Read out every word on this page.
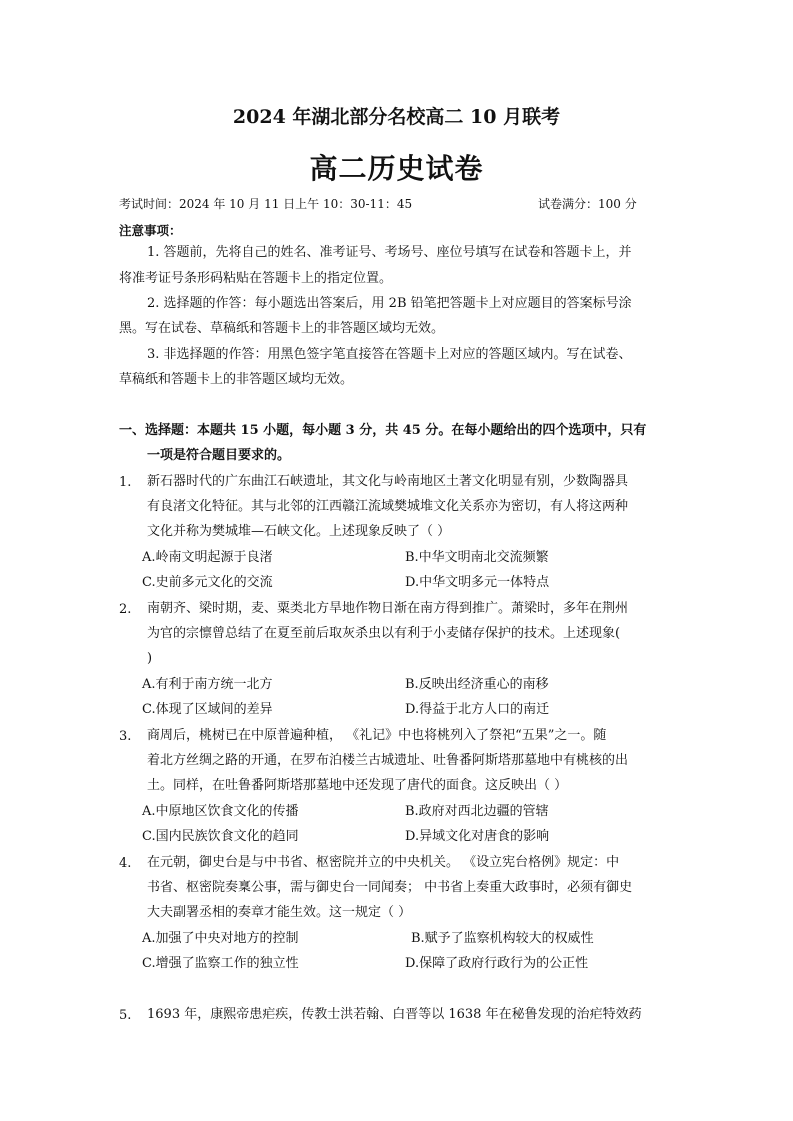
2024 年湖北部分名校高二 10 月联考
高二历史试卷
考试时间：2024 年 10 月 11 日上午 10：30-11：45	试卷满分：100 分
注意事项：
1. 答题前，先将自己的姓名、准考证号、考场号、座位号填写在试卷和答题卡上，并
将准考证号条形码粘贴在答题卡上的指定位置。
2. 选择题的作答：每小题选出答案后，用 2B 铅笔把答题卡上对应题目的答案标号涂
黑。写在试卷、草稿纸和答题卡上的非答题区域均无效。
3. 非选择题的作答：用黑色签字笔直接答在答题卡上对应的答题区域内。写在试卷、
草稿纸和答题卡上的非答题区域均无效。
一、选择题：本题共 15 小题，每小题 3 分，共 45 分。在每小题给出的四个选项中，只有
一项是符合题目要求的。
1. 新石器时代的广东曲江石峡遗址，其文化与岭南地区土著文化明显有别，少数陶器具
有良渚文化特征。其与北邻的江西赣江流域樊城堆文化关系亦为密切，有人将这两种
文化并称为樊城堆—石峡文化。上述现象反映了（ ）
A.岭南文明起源于良渚	B.中华文明南北交流频繁
C.史前多元文化的交流	D.中华文明多元一体特点
2. 南朝齐、梁时期，麦、粟类北方旱地作物日渐在南方得到推广。萧梁时，多年在荆州
为官的宗懔曾总结了在夏至前后取灰杀虫以有利于小麦储存保护的技术。上述现象(
)
A.有利于南方统一北方	B.反映出经济重心的南移
C.体现了区域间的差异	D.得益于北方人口的南迁
3. 商周后，桃树已在中原普遍种植， 《礼记》中也将桃列入了祭祀“五果”之一。随
着北方丝绸之路的开通，在罗布泊楼兰古城遗址、吐鲁番阿斯塔那墓地中有桃核的出
土。同样，在吐鲁番阿斯塔那墓地中还发现了唐代的面食。这反映出（ ）
A.中原地区饮食文化的传播	B.政府对西北边疆的管辖
C.国内民族饮食文化的趋同	D.异域文化对唐食的影响
4. 在元朝，御史台是与中书省、枢密院并立的中央机关。 《设立宪台格例》规定：中
书省、枢密院奏稟公事，需与御史台一同闻奏； 中书省上奏重大政事时，必须有御史
大夫副署丞相的奏章才能生效。这一规定（ ）
A.加强了中央对地方的控制	B.赋予了监察机构较大的权威性
C.增强了监察工作的独立性	D.保障了政府行政行为的公正性
5. 1693 年，康熙帝患疟疾，传教士洪若翰、白晋等以 1638 年在秘鲁发现的治疟特效药
